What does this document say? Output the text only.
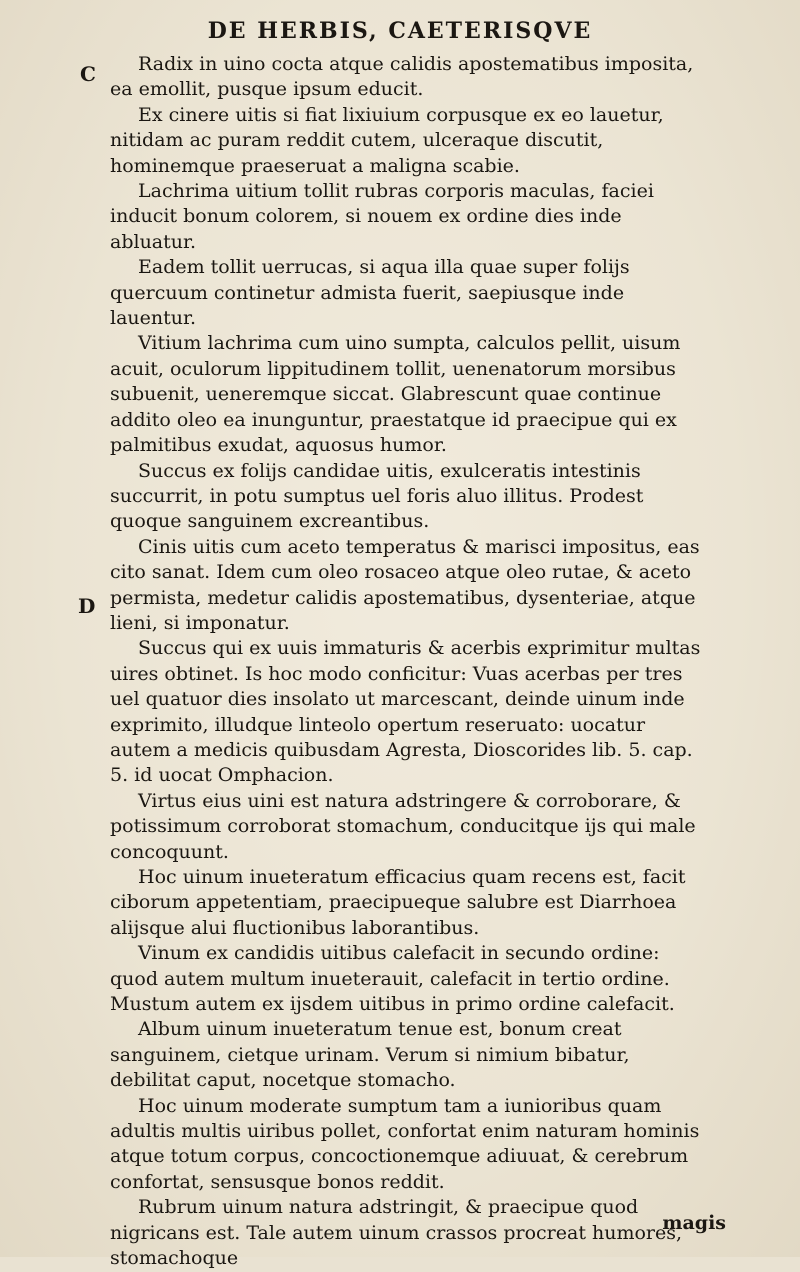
DE HERBIS, CAETERISQVE
C
D

Radix in uino cocta atque calidis apostematibus imposita, ea emollit, pusque ipsum educit.

Ex cinere uitis si fiat lixiuium corpusque ex eo lauetur, nitidam ac puram reddit cutem, ulceraque discutit, hominemque praeseruat a maligna scabie.

Lachrima uitium tollit rubras corporis maculas, faciei inducit bonum colorem, si nouem ex ordine dies inde abluatur.

Eadem tollit uerrucas, si aqua illa quae super folijs quercuum continetur admista fuerit, saepiusque inde lauentur.

Vitium lachrima cum uino sumpta, calculos pellit, uisum acuit, oculorum lippitudinem tollit, uenenatorum morsibus subuenit, ueneremque siccat. Glabrescunt quae continue addito oleo ea inunguntur, praestatque id praecipue qui ex palmitibus exudat, aquosus humor.

Succus ex folijs candidae uitis, exulceratis intestinis succurrit, in potu sumptus uel foris aluo illitus. Prodest quoque sanguinem excreantibus.

Cinis uitis cum aceto temperatus & marisci impositus, eas cito sanat. Idem cum oleo rosaceo atque oleo rutae, & aceto permista, medetur calidis apostematibus, dysenteriae, atque lieni, si imponatur.

Succus qui ex uuis immaturis & acerbis exprimitur multas uires obtinet. Is hoc modo conficitur: Vuas acerbas per tres uel quatuor dies insolato ut marcescant, deinde uinum inde exprimito, illudque linteolo opertum reseruato: uocatur autem a medicis quibusdam Agresta, Dioscorides lib. 5. cap. 5. id uocat Omphacion.

Virtus eius uini est natura adstringere & corroborare, & potissimum corroborat stomachum, conducitque ijs qui male concoquunt.

Hoc uinum inueteratum efficacius quam recens est, facit ciborum appetentiam, praecipueque salubre est Diarrhoea alijsque alui fluctionibus laborantibus.

Vinum ex candidis uitibus calefacit in secundo ordine: quod autem multum inueterauit, calefacit in tertio ordine. Mustum autem ex ijsdem uitibus in primo ordine calefacit.

Album uinum inueteratum tenue est, bonum creat sanguinem, cietque urinam. Verum si nimium bibatur, debilitat caput, nocetque stomacho.

Hoc uinum moderate sumptum tam a iunioribus quam adultis multis uiribus pollet, confortat enim naturam hominis atque totum corpus, concoctionemque adiuuat, & cerebrum confortat, sensusque bonos reddit.

Rubrum uinum natura adstringit, & praecipue quod nigricans est. Tale autem uinum crassos procreat humores, stomachoque

magis
